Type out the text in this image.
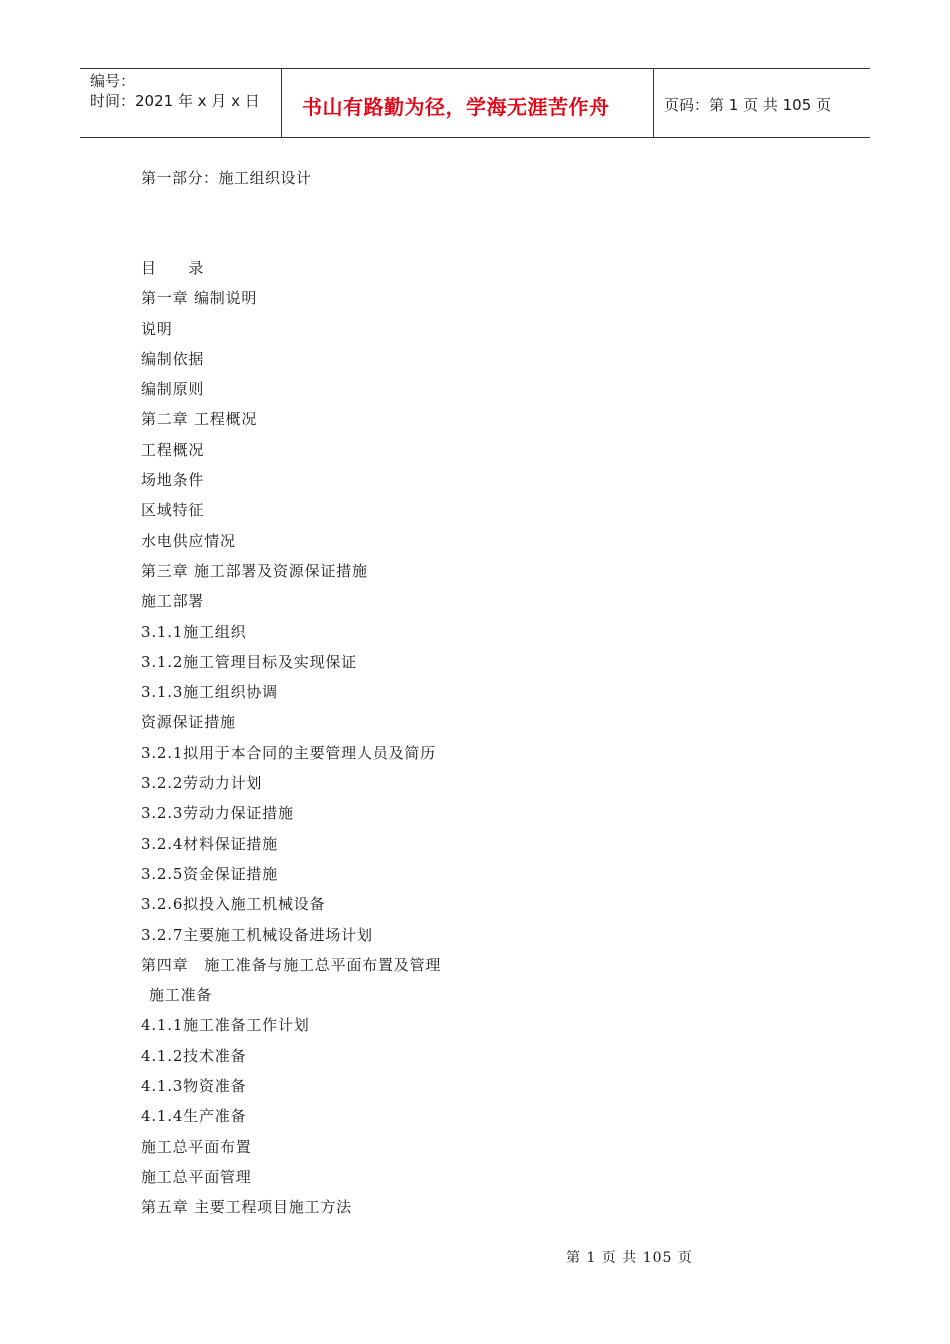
编号：
时间：2021 年 x 月 x 日	书山有路勤为径，学海无涯苦作舟	页码：第 1 页 共 105 页
第一部分：施工组织设计
目　　录
第一章 编制说明
说明
编制依据
编制原则
第二章 工程概况
工程概况
场地条件
区域特征
水电供应情况
第三章 施工部署及资源保证措施
施工部署
3.1.1施工组织
3.1.2施工管理目标及实现保证
3.1.3施工组织协调
资源保证措施
3.2.1拟用于本合同的主要管理人员及简历
3.2.2劳动力计划
3.2.3劳动力保证措施
3.2.4材料保证措施
3.2.5资金保证措施
3.2.6拟投入施工机械设备
3.2.7主要施工机械设备进场计划
第四章　施工准备与施工总平面布置及管理
施工准备
4.1.1施工准备工作计划
4.1.2技术准备
4.1.3物资准备
4.1.4生产准备
施工总平面布置
施工总平面管理
第五章 主要工程项目施工方法
第 1 页 共 105 页
